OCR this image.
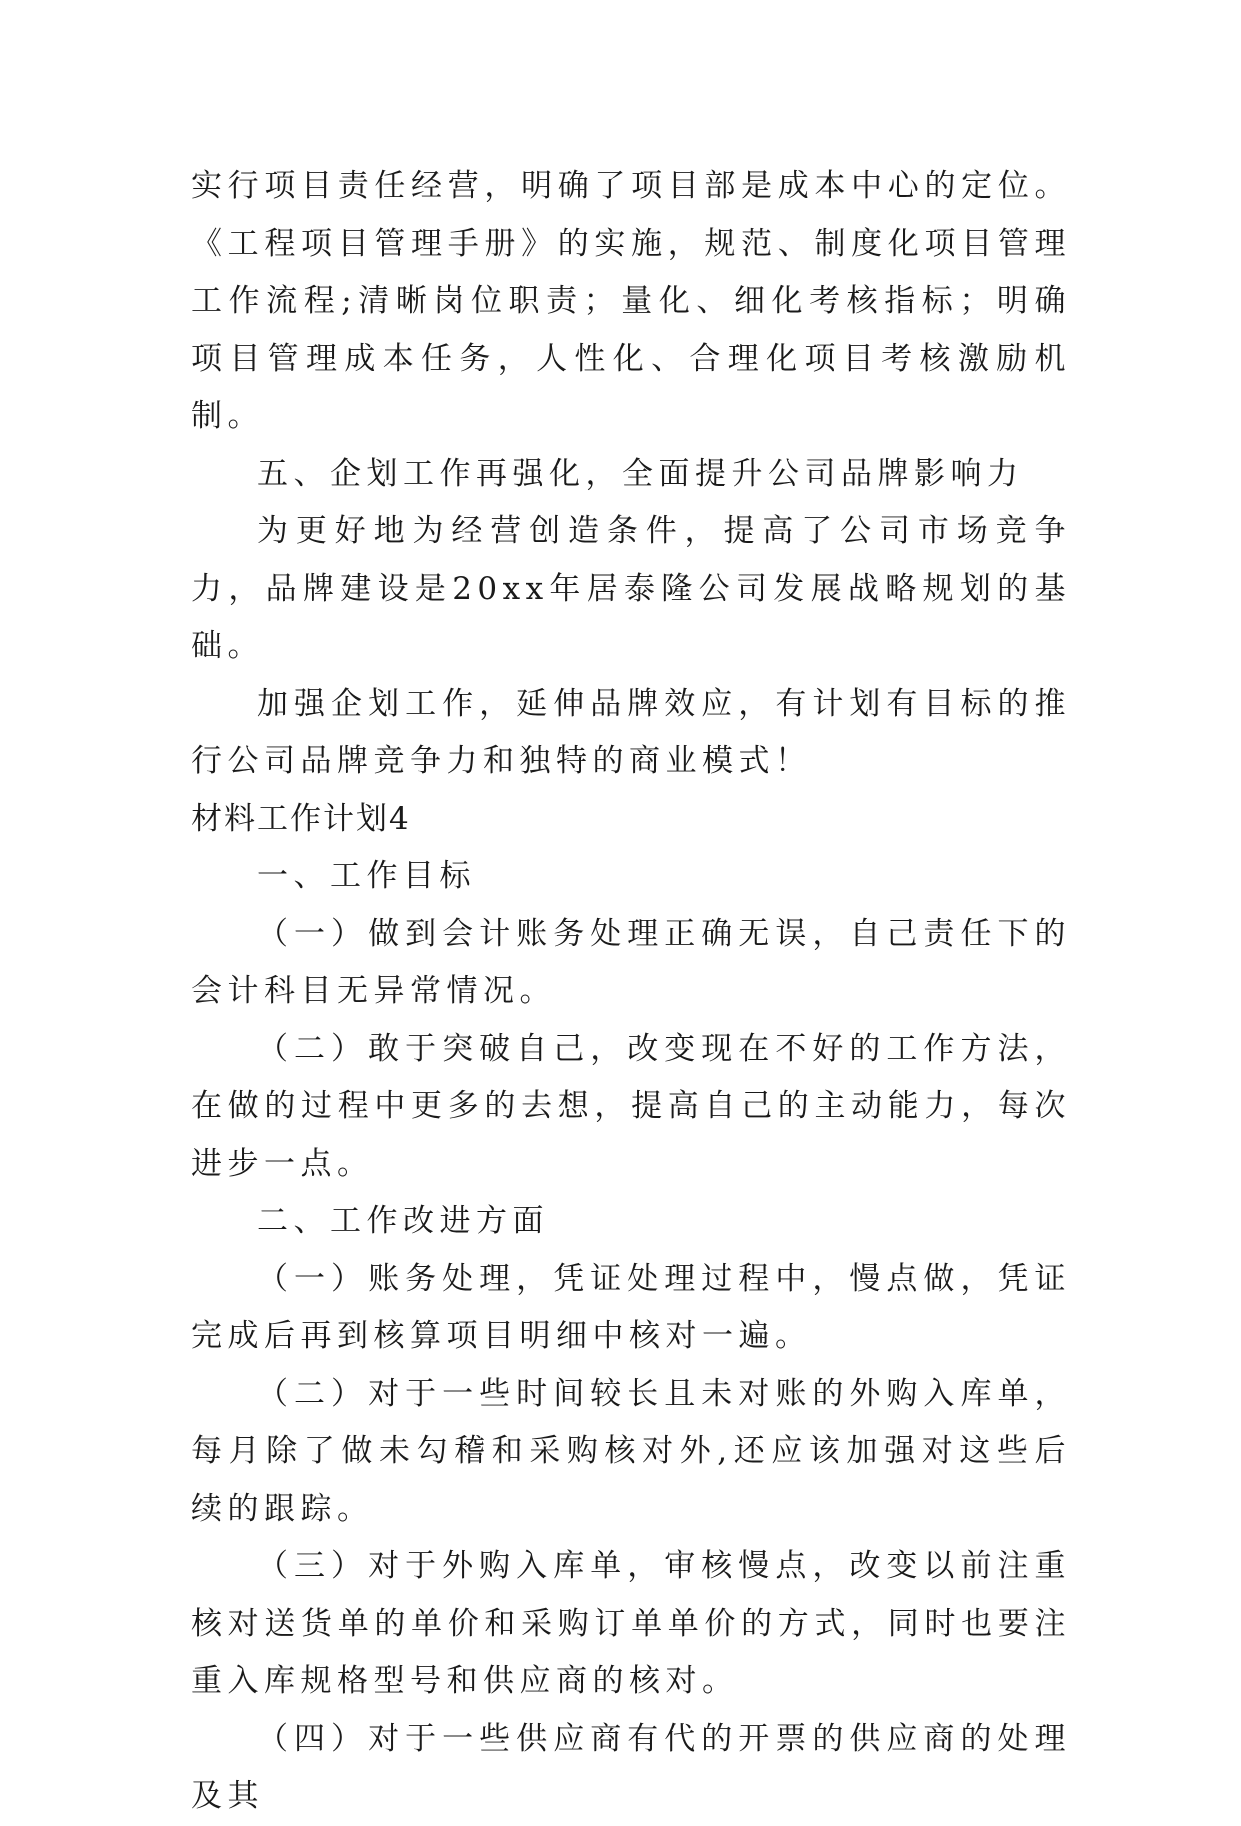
实行项目责任经营，明确了项目部是成本中心的定位。《工程项目管理手册》的实施，规范、制度化项目管理工作流程;清晰岗位职责；量化、细化考核指标；明确项目管理成本任务，人性化、合理化项目考核激励机制。

五、企划工作再强化，全面提升公司品牌影响力

为更好地为经营创造条件，提高了公司市场竞争力，品牌建设是20xx年居泰隆公司发展战略规划的基础。

加强企划工作，延伸品牌效应，有计划有目标的推行公司品牌竞争力和独特的商业模式！

材料工作计划4

一、工作目标

（一）做到会计账务处理正确无误，自己责任下的会计科目无异常情况。

（二）敢于突破自己，改变现在不好的工作方法，在做的过程中更多的去想，提高自己的主动能力，每次进步一点。

二、工作改进方面

（一）账务处理，凭证处理过程中，慢点做，凭证完成后再到核算项目明细中核对一遍。

（二）对于一些时间较长且未对账的外购入库单，每月除了做未勾稽和采购核对外,还应该加强对这些后续的跟踪。

（三）对于外购入库单，审核慢点，改变以前注重核对送货单的单价和采购订单单价的方式，同时也要注重入库规格型号和供应商的核对。

（四）对于一些供应商有代的开票的供应商的处理及其
